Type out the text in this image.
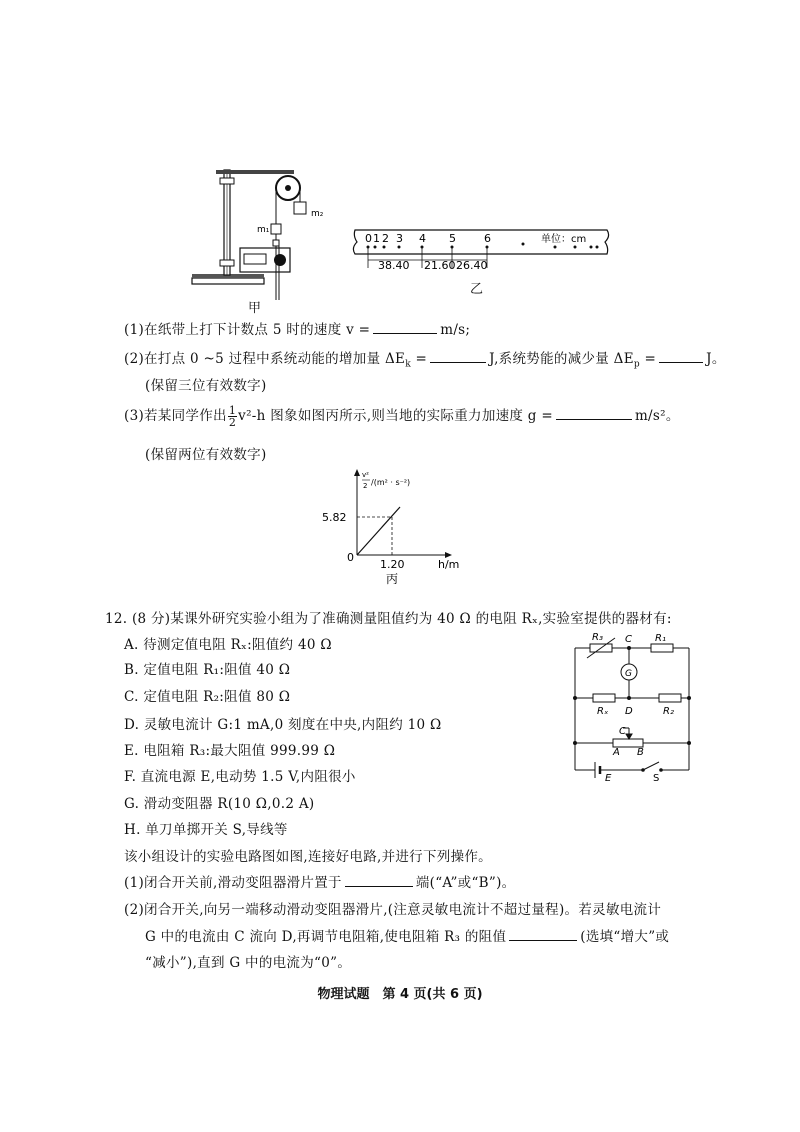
m₂
m₁
甲
0 1 2 3 4 5	6	单位：cm
38.40 21.60 26.40
乙
(1)在纸带上打下计数点 5 时的速度 v =	m/s;
(2)在打点 0 ~5 过程中系统动能的增加量 $\Delta E_k$ =	J,系统势能的减少量 $\Delta E_p$ =	J。
(保留三位有效数字)
(3)若某同学作出 $\frac{1}{2} v^2-h$ 图象如图丙所示,则当地的实际重力加速度 g =	m/s²。
(保留两位有效数字)
v²
2 /(m² · s⁻²)
5.82
0
1.20	h/m
丙
12. (8 分)某课外研究实验小组为了准确测量阻值约为 40 Ω 的电阻 Rₓ,实验室提供的器材有:
A. 待测定值电阻 Rₓ:阻值约 40 Ω
B. 定值电阻 R₁:阻值 40 Ω
C. 定值电阻 R₂:阻值 80 Ω
D. 灵敏电流计 G:1 mA,0 刻度在中央,内阻约 10 Ω
E. 电阻箱 R₃:最大阻值 999.99 Ω
F. 直流电源 E,电动势 1.5 V,内阻很小
G. 滑动变阻器 R(10 Ω,0.2 A)
H. 单刀单掷开关 S,导线等
该小组设计的实验电路图如图,连接好电路,并进行下列操作。
(1)闭合开关前,滑动变阻器滑片置于	端(“A”或“B”)。
(2)闭合开关,向另一端移动滑动变阻器滑片,(注意灵敏电流计不超过量程)。若灵敏电流计
G 中的电流由 C 流向 D,再调节电阻箱,使电阻箱 R₃ 的阻值	(选填“增大”或
“减小”),直到 G 中的电流为“0”。
R₃ C R₁
G
Rₓ D	R₂
C
A B
E	S
物理试题　第 4 页(共 6 页)
